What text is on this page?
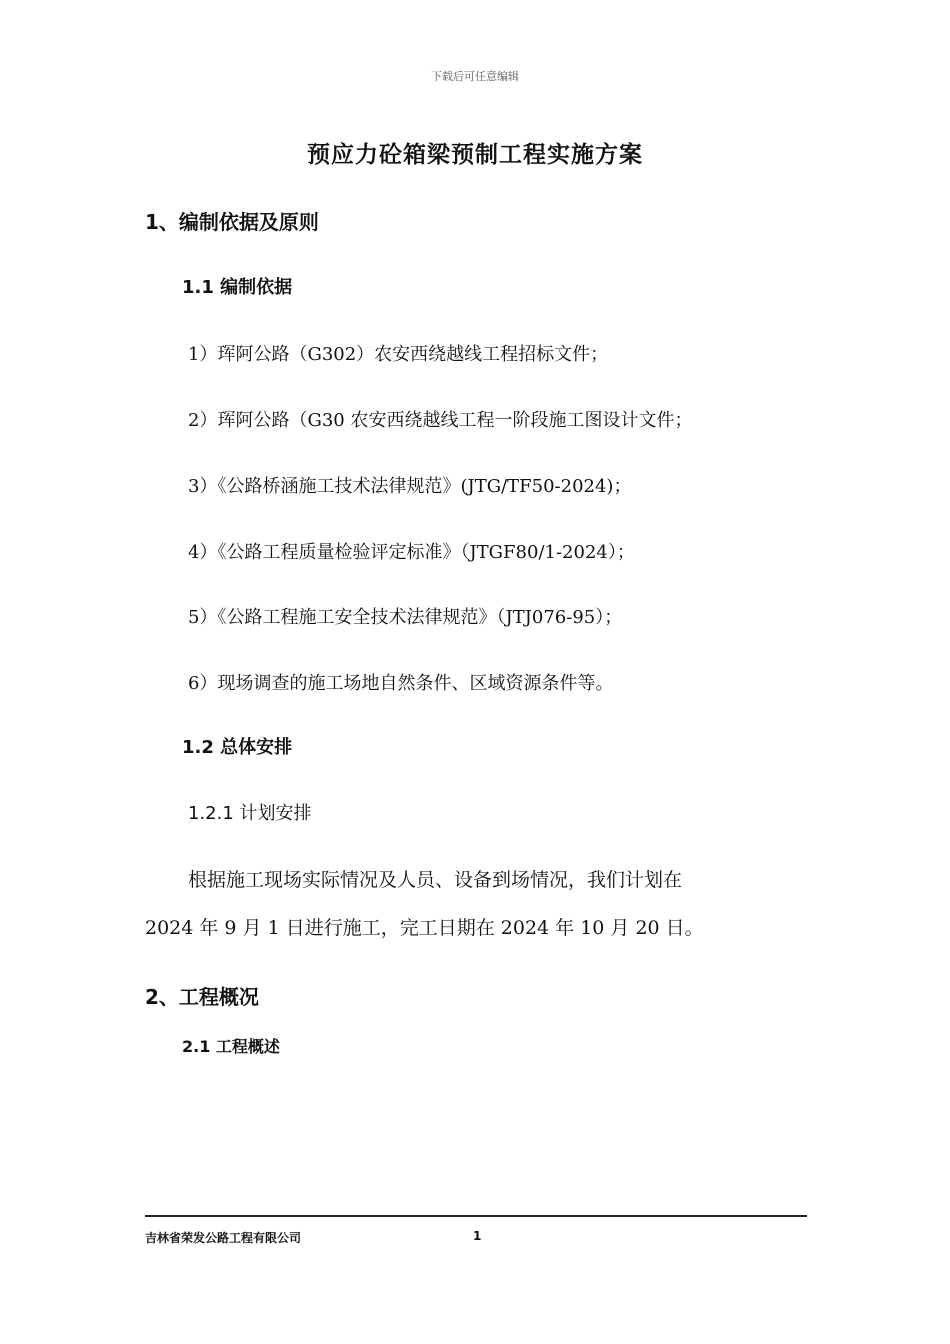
下载后可任意编辑
预应力砼箱梁预制工程实施方案
1、编制依据及原则
1.1 编制依据
1）珲阿公路（G302）农安西绕越线工程招标文件；
2）珲阿公路（G30 农安西绕越线工程一阶段施工图设计文件；
3）《公路桥涵施工技术法律规范》(JTG/TF50-2024)；
4）《公路工程质量检验评定标准》（JTGF80/1-2024）；
5）《公路工程施工安全技术法律规范》（JTJ076-95）；
6）现场调查的施工场地自然条件、区域资源条件等。
1.2 总体安排
1.2.1 计划安排
根据施工现场实际情况及人员、设备到场情况，我们计划在
2024 年 9 月 1 日进行施工，完工日期在 2024 年 10 月 20 日。
2、工程概况
2.1 工程概述
吉林省荣发公路工程有限公司	1
